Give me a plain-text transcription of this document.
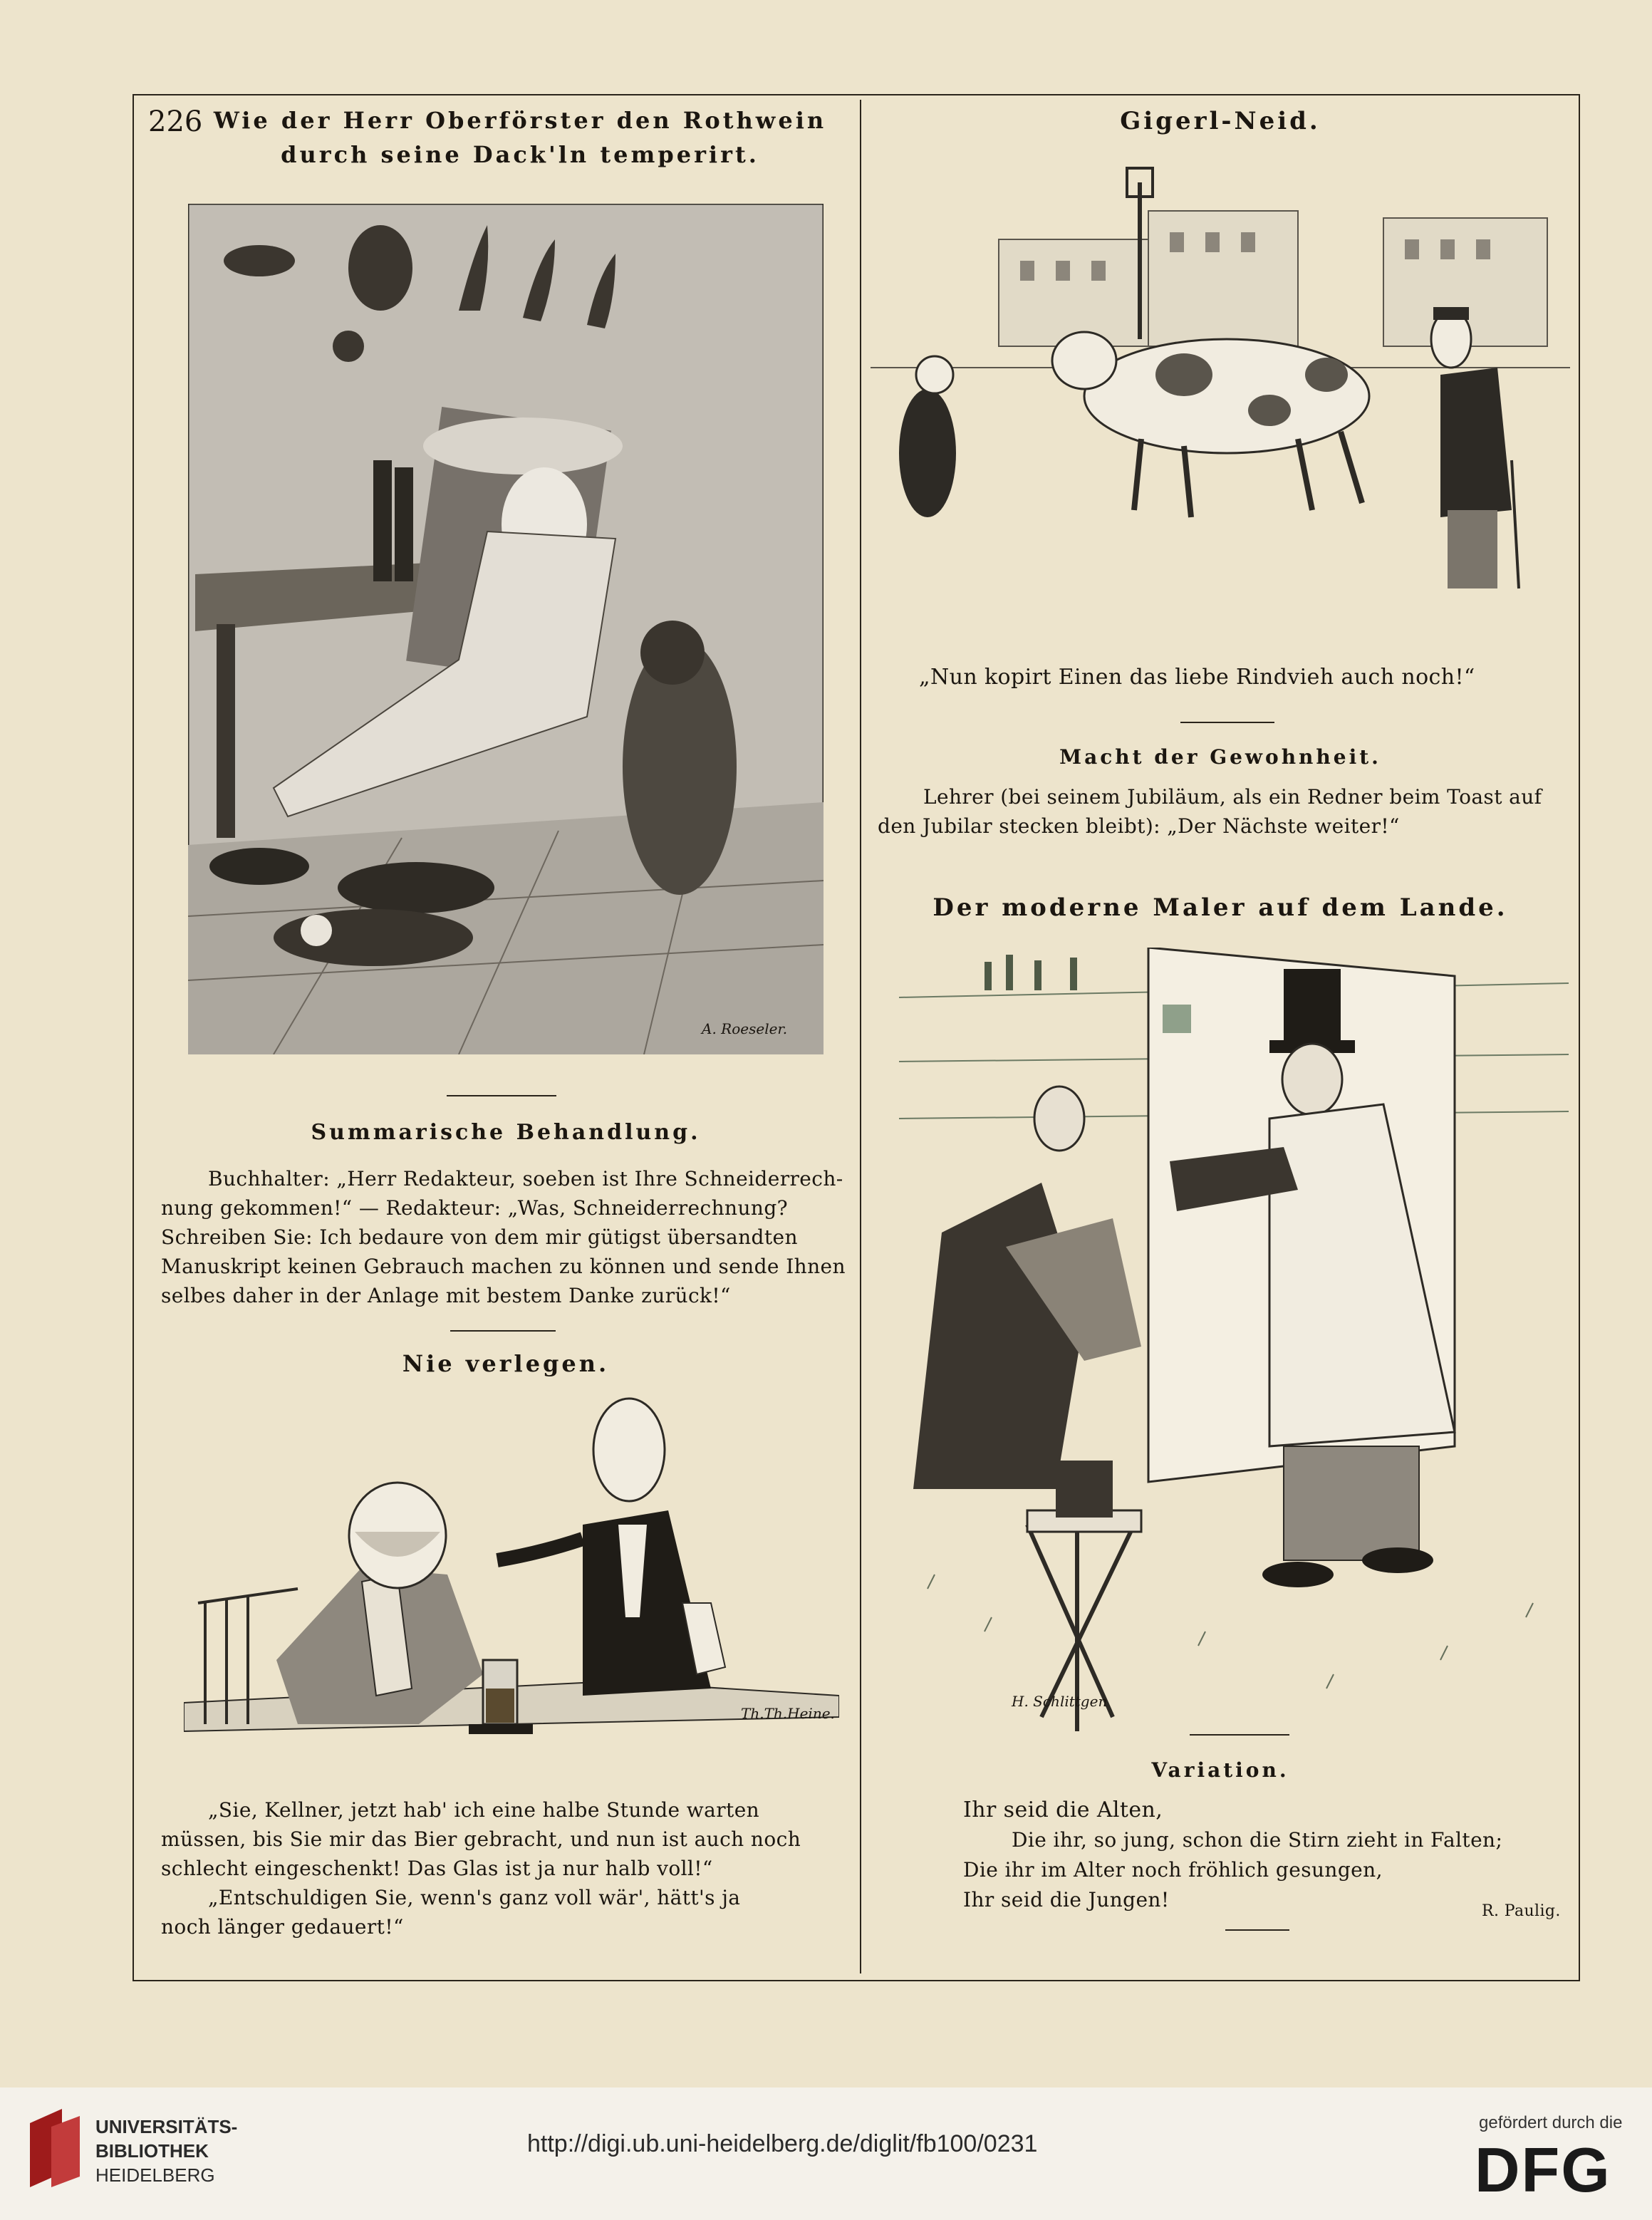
226 Wie der Herr Oberförster den Rothwein

durch seine Dack'ln temperirt.

A. Roeseler.

Summarische Behandlung.

Buchhalter: „Herr Redakteur, soeben ist Ihre Schneiderrech-

nung gekommen!“ — Redakteur: „Was, Schneiderrechnung?

Schreiben Sie: Ich bedaure von dem mir gütigst übersandten

Manuskript keinen Gebrauch machen zu können und sende Ihnen

selbes daher in der Anlage mit bestem Danke zurück!“

Nie verlegen.

Th.Th.Heine.

„Sie, Kellner, jetzt hab' ich eine halbe Stunde warten

müssen, bis Sie mir das Bier gebracht, und nun ist auch noch

schlecht eingeschenkt! Das Glas ist ja nur halb voll!“

„Entschuldigen Sie, wenn's ganz voll wär', hätt's ja

noch länger gedauert!“

Gigerl-Neid.

„Nun kopirt Einen das liebe Rindvieh auch noch!“

Macht der Gewohnheit.

Lehrer (bei seinem Jubiläum, als ein Redner beim Toast auf

den Jubilar stecken bleibt): „Der Nächste weiter!“

Der moderne Maler auf dem Lande.

H. Schlittgen

Variation.

Ihr seid die Alten,

Die ihr, so jung, schon die Stirn zieht in Falten;

Die ihr im Alter noch fröhlich gesungen,

Ihr seid die Jungen!	R. Paulig.

UNIVERSITÄTS-

BIBLIOTHEK

HEIDELBERG

http://digi.ub.uni-heidelberg.de/diglit/fb100/0231

gefördert durch die

DFG
